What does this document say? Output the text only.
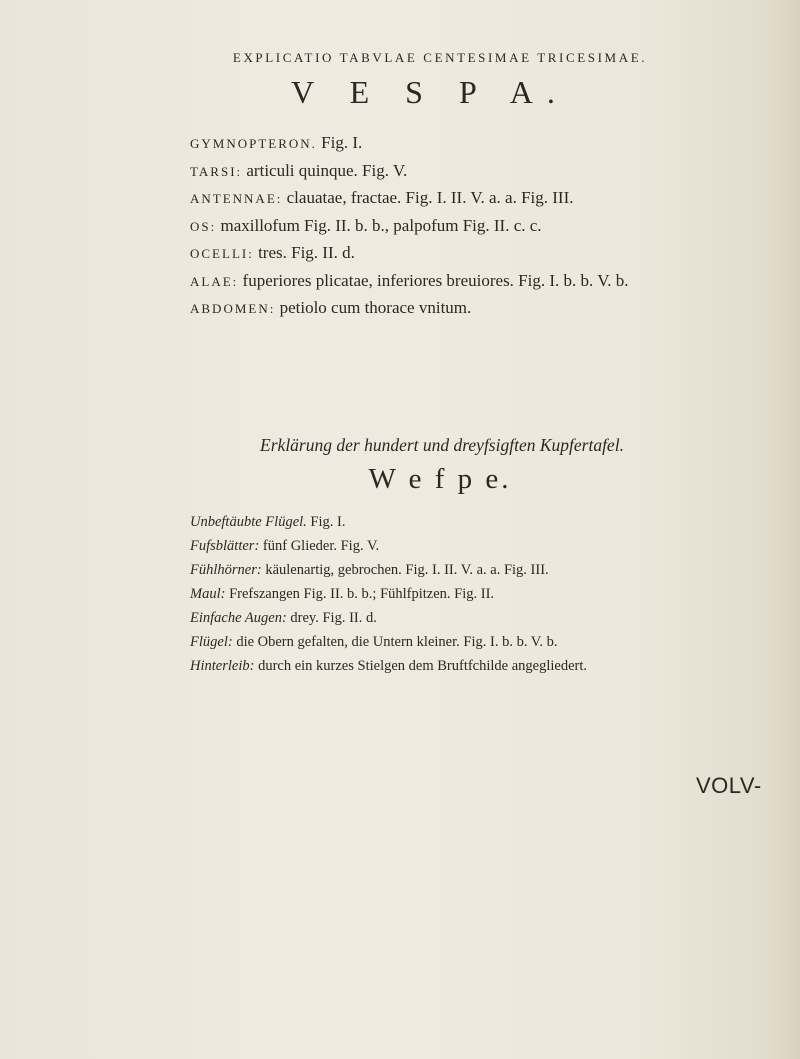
EXPLICATIO TABVLAE CENTESIMAE TRICESIMAE.
V E S P A.
GYMNOPTERON. Fig. I.
TARSI: articuli quinque. Fig. V.
ANTENNAE: clauatae, fractae. Fig. I. II. V. a. a. Fig. III.
OS: maxillofum Fig. II. b. b., palpofum Fig. II. c. c.
OCELLI: tres. Fig. II. d.
ALAE: fuperiores plicatae, inferiores breuiores. Fig. I. b. b. V. b.
ABDOMEN: petiolo cum thorace vnitum.
Erklärung der hundert und dreyfsigften Kupfertafel.
W e f p e.
Unbeftäubte Flügel. Fig. I.
Fufsblätter: fünf Glieder. Fig. V.
Fühlhörner: käulenartig, gebrochen. Fig. I. II. V. a. a. Fig. III.
Maul: Frefszangen Fig. II. b. b.; Fühlfpitzen. Fig. II.
Einfache Augen: drey. Fig. II. d.
Flügel: die Obern gefalten, die Untern kleiner. Fig. I. b. b. V. b.
Hinterleib: durch ein kurzes Stielgen dem Bruftfchilde angegliedert.
VOLV-
